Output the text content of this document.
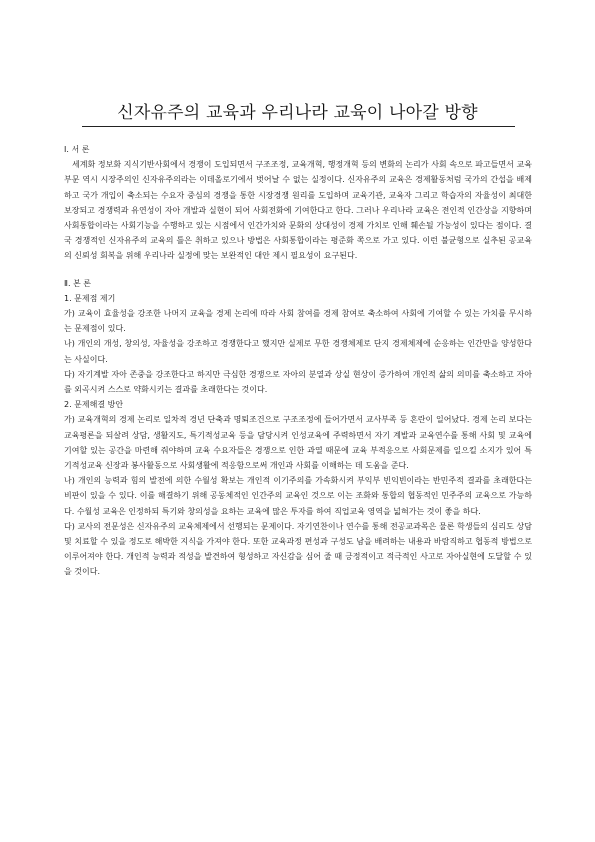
신자유주의 교육과 우리나라 교육이 나아갈 방향

Ⅰ. 서 론

세계화 정보화 지식기반사회에서 경쟁이 도입되면서 구조조정, 교육개혁, 행정개혁 등의 변화의 논리가 사회 속으로 파고들면서 교육부문 역시 시장주의인 신자유주의라는 이데올로기에서 벗어날 수 없는 실정이다. 신자유주의 교육은 경제활동처럼 국가의 간섭을 배제하고 국가 개입이 축소되는 수요자 중심의 경쟁을 통한 시장경쟁 원리를 도입하며 교육기관, 교육자 그리고 학습자의 자율성이 최대한 보장되고 경쟁력과 유연성이 자아 개발과 실현이 되어 사회전화에 기여한다고 한다. 그러나 우리나라 교육은 전인적 인간상을 지향하며 사회통합이라는 사회기능을 수행하고 있는 시점에서 인간가치와 문화의 상대성이 경제 가치로 인해 훼손될 가능성이 있다는 점이다. 결국 경쟁적인 신자유주의 교육의 틀은 취하고 있으나 방법은 사회통합이라는 평준화 쪽으로 가고 있다. 이런 불균형으로 실추된 공교육의 신뢰성 회복을 위해 우리나라 실정에 맞는 보완적인 대안 제시 필요성이 요구된다.

Ⅱ. 본 론

1. 문제점 제기

가) 교육이 효율성을 강조한 나머지 교육을 경제 논리에 따라 사회 참여를 경제 참여로 축소하여 사회에 기여할 수 있는 가치를 무시하는 문제점이 있다.

나) 개인의 개성, 창의성, 자율성을 강조하고 경쟁한다고 했지만 실제로 무한 경쟁체제로 단지 경제체제에 순응하는 인간만을 양성한다는 사실이다.

다) 자기계발 자아 존중을 강조한다고 하지만 극심한 경쟁으로 자아의 분열과 상실 현상이 증가하여 개인적 삶의 의미를 축소하고 자아를 외곡시켜 스스로 약화시키는 결과를 초래한다는 것이다.

2. 문제해결 방안

가) 교육개혁의 경제 논리로 일차적 경년 단축과 명퇴조건으로 구조조정에 들어가면서 교사부족 등 혼란이 일어났다. 경제 논리 보다는 교육평론을 되살려 상담, 생활지도, 특기적성교육 등을 담당시켜 인성교육에 주력하면서 자기 계발과 교육연수를 통해 사회 및 교육에 기여할 있는 공간을 마련해 줘야하며 교육 수요자들은 경쟁으로 인한 과열 때문에 교육 부적응으로 사회문제를 일으킬 소지가 있어 특기적성교육 신장과 봉사활동으로 사회생활에 적응함으로써 개인과 사회를 이해하는 데 도움을 준다.

나) 개인의 능력과 힘의 발전에 의한 수월성 확보는 개인적 이기주의를 가속화시켜 부익부 빈익빈이라는 반민주적 결과를 초래한다는 비판이 있을 수 있다. 이를 해결하기 위해 공동체적인 인간주의 교육인 것으로 이는 조화와 통합의 협동적인 민주주의 교육으로 가능하다. 수월성 교육은 인정하되 특기와 창의성을 요하는 교육에 많은 투자를 하여 직업교육 영역을 넓혀가는 것이 좋을 하다.

다) 교사의 전문성은 신자유주의 교육체제에서 선행되는 문제이다. 자기연찬이나 연수를 통해 전공교과목은 물론 학생들의 심리도 상담 및 치료할 수 있을 정도로 해박한 지식을 가져야 한다. 또한 교육과정 편성과 구성도 남을 배려하는 내용과 바람직하고 협동적 방법으로 이루어져야 한다. 개인적 능력과 적성을 발견하여 형성하고 자신감을 심어 줄 때 긍정적이고 적극적인 사고로 자아실현에 도달할 수 있을 것이다.
